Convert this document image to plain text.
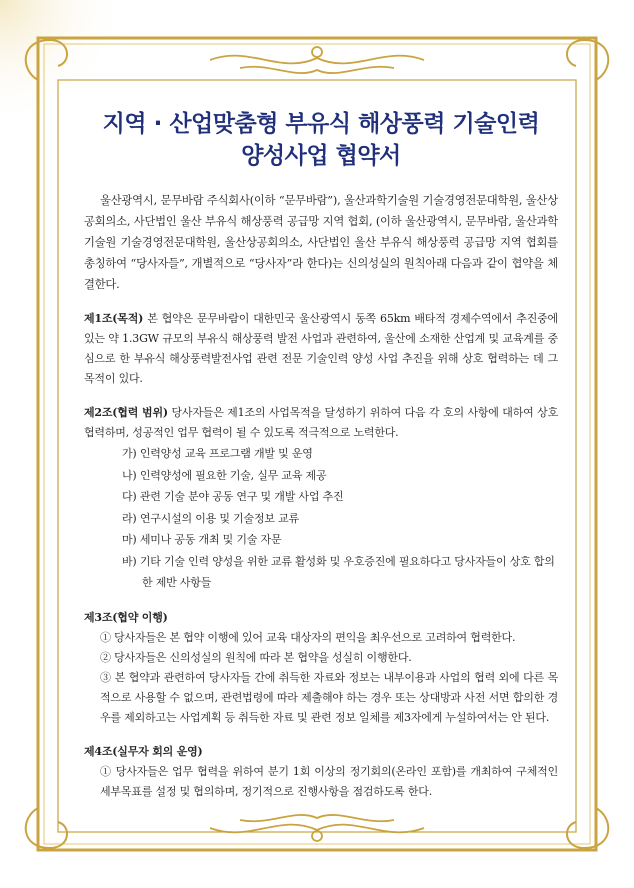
지역 · 산업맞춤형 부유식 해상풍력 기술인력
양성사업 협약서
울산광역시, 문무바람 주식회사(이하 “문무바람”), 울산과학기술원 기술경영전문대학원, 울산상공회의소, 사단법인 울산 부유식 해상풍력 공급망 지역 협회, (이하 울산광역시, 문무바람, 울산과학기술원 기술경영전문대학원, 울산상공회의소, 사단법인 울산 부유식 해상풍력 공급망 지역 협회를 총칭하여 “당사자들”, 개별적으로 “당사자”라 한다)는 신의성실의 원칙아래 다음과 같이 협약을 체결한다.
제1조(목적) 본 협약은 문무바람이 대한민국 울산광역시 동쪽 65km 배타적 경제수역에서 추진중에 있는 약 1.3GW 규모의 부유식 해상풍력 발전 사업과 관련하여, 울산에 소재한 산업계 및 교육계를 중심으로 한 부유식 해상풍력발전사업 관련 전문 기술인력 양성 사업 추진을 위해 상호 협력하는 데 그 목적이 있다.
제2조(협력 범위) 당사자들은 제1조의 사업목적을 달성하기 위하여 다음 각 호의 사항에 대하여 상호 협력하며, 성공적인 업무 협력이 될 수 있도록 적극적으로 노력한다.
가) 인력양성 교육 프로그램 개발 및 운영
나) 인력양성에 필요한 기술, 실무 교육 제공
다) 관련 기술 분야 공동 연구 및 개발 사업 추진
라) 연구시설의 이용 및 기술정보 교류
마) 세미나 공동 개최 및 기술 자문
바) 기타 기술 인력 양성을 위한 교류 활성화 및 우호증진에 필요하다고 당사자들이 상호 합의한 제반 사항들
제3조(협약 이행)
① 당사자들은 본 협약 이행에 있어 교육 대상자의 편익을 최우선으로 고려하여 협력한다.
② 당사자들은 신의성실의 원칙에 따라 본 협약을 성실히 이행한다.
③ 본 협약과 관련하여 당사자들 간에 취득한 자료와 정보는 내부이용과 사업의 협력 외에 다른 목적으로 사용할 수 없으며, 관련법령에 따라 제출해야 하는 경우 또는 상대방과 사전 서면 합의한 경우를 제외하고는 사업계획 등 취득한 자료 및 관련 정보 일체를 제3자에게 누설하여서는 안 된다.
제4조(실무자 회의 운영)
① 당사자들은 업무 협력을 위하여 분기 1회 이상의 정기회의(온라인 포함)를 개최하여 구체적인 세부목표를 설정 및 협의하며, 정기적으로 진행사항을 점검하도록 한다.
